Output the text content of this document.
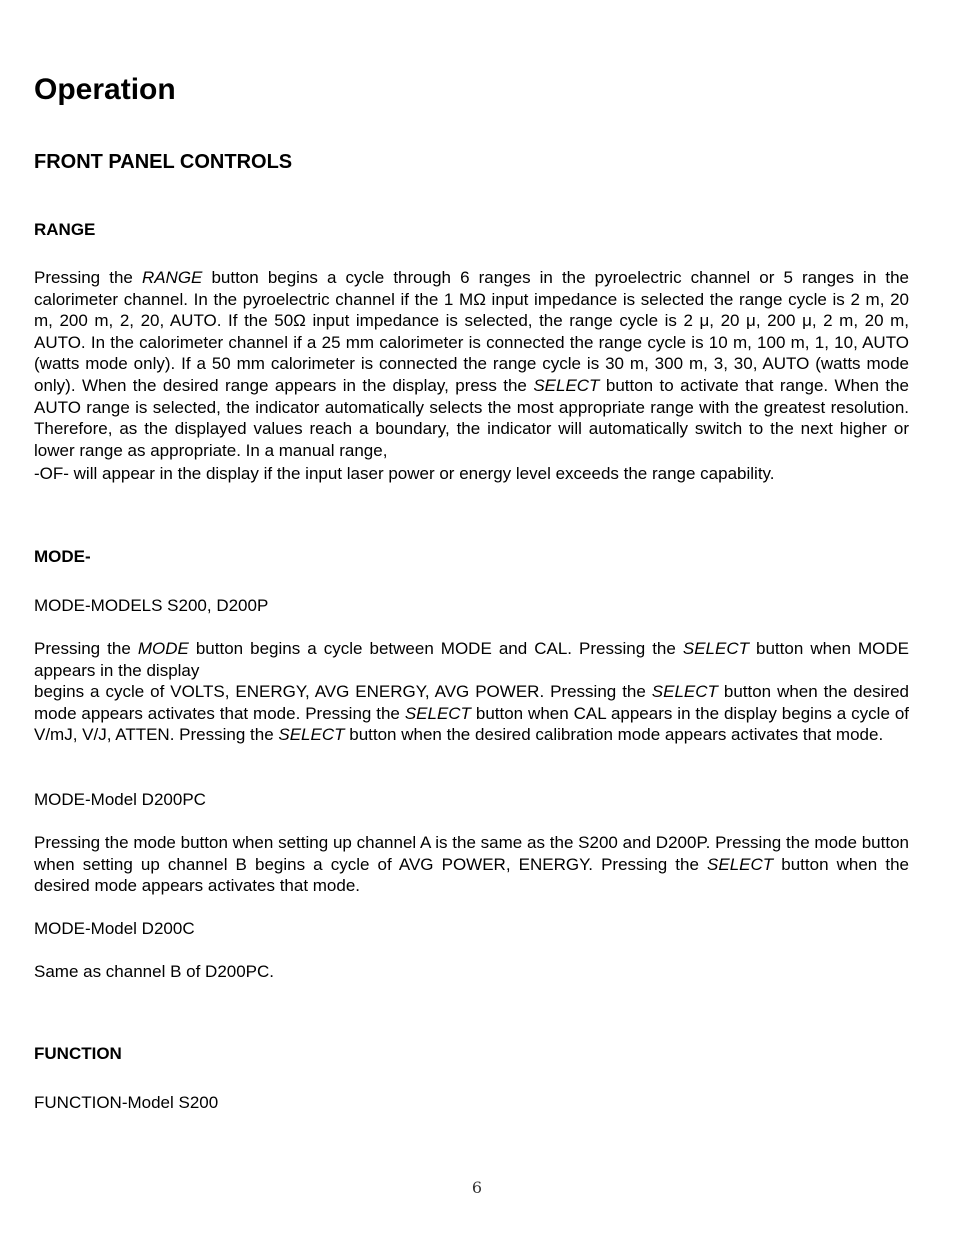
Operation
FRONT PANEL CONTROLS
RANGE

Pressing the RANGE button begins a cycle through 6 ranges in the pyroelectric channel or 5 ranges in the calorimeter channel. In the pyroelectric channel if the 1 MΩ input impedance is selected the range cycle is 2 m, 20 m, 200 m, 2, 20, AUTO. If the 50Ω input impedance is selected, the range cycle is 2 μ, 20 μ, 200 μ, 2 m, 20 m, AUTO. In the calorimeter channel if a 25 mm calorimeter is connected the range cycle is 10 m, 100 m, 1, 10, AUTO (watts mode only). If a 50 mm calorimeter is connected the range cycle is 30 m, 300 m, 3, 30, AUTO (watts mode only). When the desired range appears in the display, press the SELECT button to activate that range. When the AUTO range is selected, the indicator automatically selects the most appropriate range with the greatest resolution. Therefore, as the displayed values reach a boundary, the indicator will automatically switch to the next higher or lower range as appropriate. In a manual range,

-OF- will appear in the display if the input laser power or energy level exceeds the range capability.

MODE-

MODE-MODELS S200, D200P

Pressing the MODE button begins a cycle between MODE and CAL. Pressing the SELECT button when MODE appears in the display

begins a cycle of VOLTS, ENERGY, AVG ENERGY, AVG POWER. Pressing the SELECT button when the desired mode appears activates that mode. Pressing the SELECT button when CAL appears in the display begins a cycle of V/mJ, V/J, ATTEN. Pressing the SELECT button when the desired calibration mode appears activates that mode.

MODE-Model D200PC

Pressing the mode button when setting up channel A is the same as the S200 and D200P. Pressing the mode button when setting up channel B begins a cycle of AVG POWER, ENERGY. Pressing the SELECT button when the desired mode appears activates that mode.

MODE-Model D200C

Same as channel B of D200PC.

FUNCTION

FUNCTION-Model S200

6
